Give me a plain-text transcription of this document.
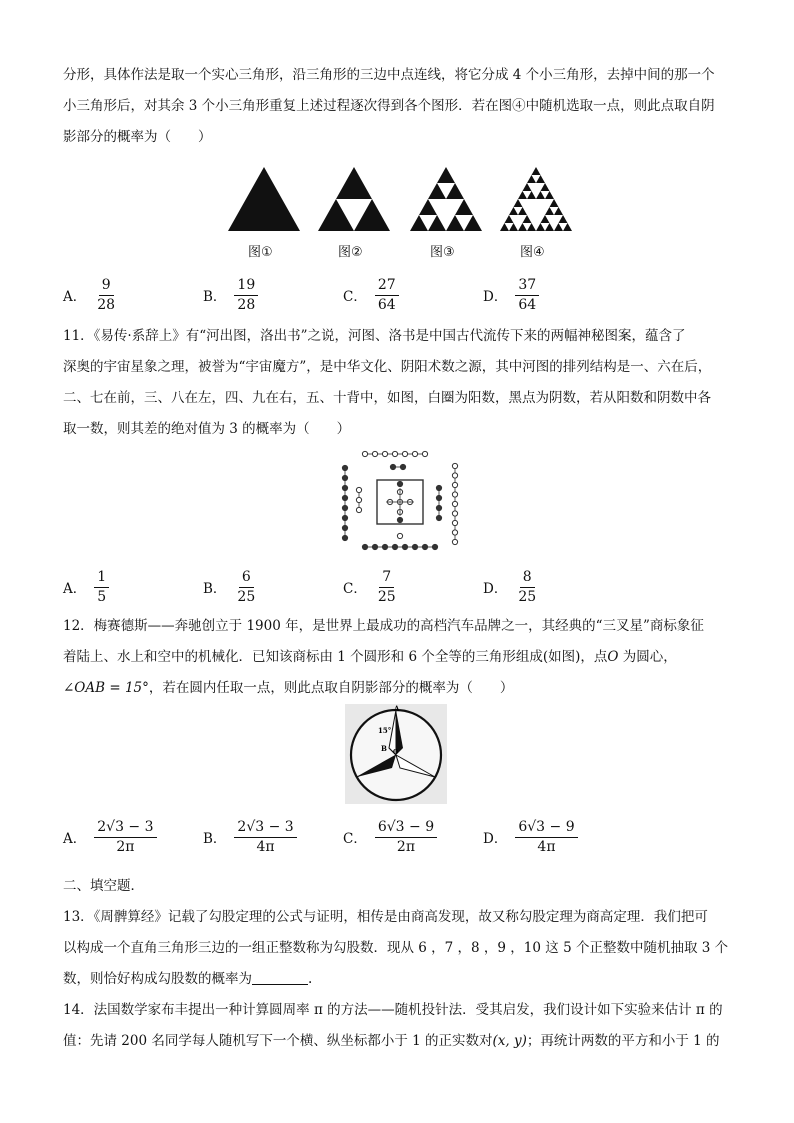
分形，具体作法是取一个实心三角形，沿三角形的三边中点连线，将它分成 4 个小三角形，去掉中间的那一个
小三角形后，对其余 3 个小三角形重复上述过程逐次得到各个图形．若在图④中随机选取一点，则此点取自阴
影部分的概率为（　　）
图①	图②	图③	图④
A． $\frac{9}{28}$	B． $\frac{19}{28}$	C． $\frac{27}{64}$	D． $\frac{37}{64}$
11．《易传·系辞上》有“河出图，洛出书”之说，河图、洛书是中国古代流传下来的两幅神秘图案，蕴含了
深奥的宇宙星象之理，被誉为“宇宙魔方”，是中华文化、阴阳术数之源，其中河图的排列结构是一、六在后，
二、七在前，三、八在左，四、九在右，五、十背中，如图，白圈为阳数，黑点为阴数，若从阳数和阴数中各
取一数，则其差的绝对值为 3 的概率为（　　）
A． $\frac{1}{5}$	B． $\frac{6}{25}$	C． $\frac{7}{25}$	D． $\frac{8}{25}$
12．梅赛德斯——奔驰创立于 1900 年，是世界上最成功的高档汽车品牌之一，其经典的“三叉星”商标象征
着陆上、水上和空中的机械化．已知该商标由 1 个圆形和 6 个全等的三角形组成(如图)，点O 为圆心，
∠OAB = 15°，若在圆内任取一点，则此点取自阴影部分的概率为（　　）
A
15°
B O
A． $\frac{2√3 - 3}{2\pi}$	B． $\frac{2√3 - 3}{4\pi}$	C． $\frac{6√3 - 9}{2\pi}$	D． $\frac{6√3 - 9}{4\pi}$
二、填空题．
13．《周髀算经》记载了勾股定理的公式与证明，相传是由商高发现，故又称勾股定理为商高定理．我们把可
以构成一个直角三角形三边的一组正整数称为勾股数．现从 6 ，7 ，8 ，9 ，10 这 5 个正整数中随机抽取 3 个
数，则恰好构成勾股数的概率为	.
14．法国数学家布丰提出一种计算圆周率 π 的方法——随机投针法．受其启发，我们设计如下实验来估计 π 的
值：先请 200 名同学每人随机写下一个横、纵坐标都小于 1 的正实数对(x, y)；再统计两数的平方和小于 1 的
